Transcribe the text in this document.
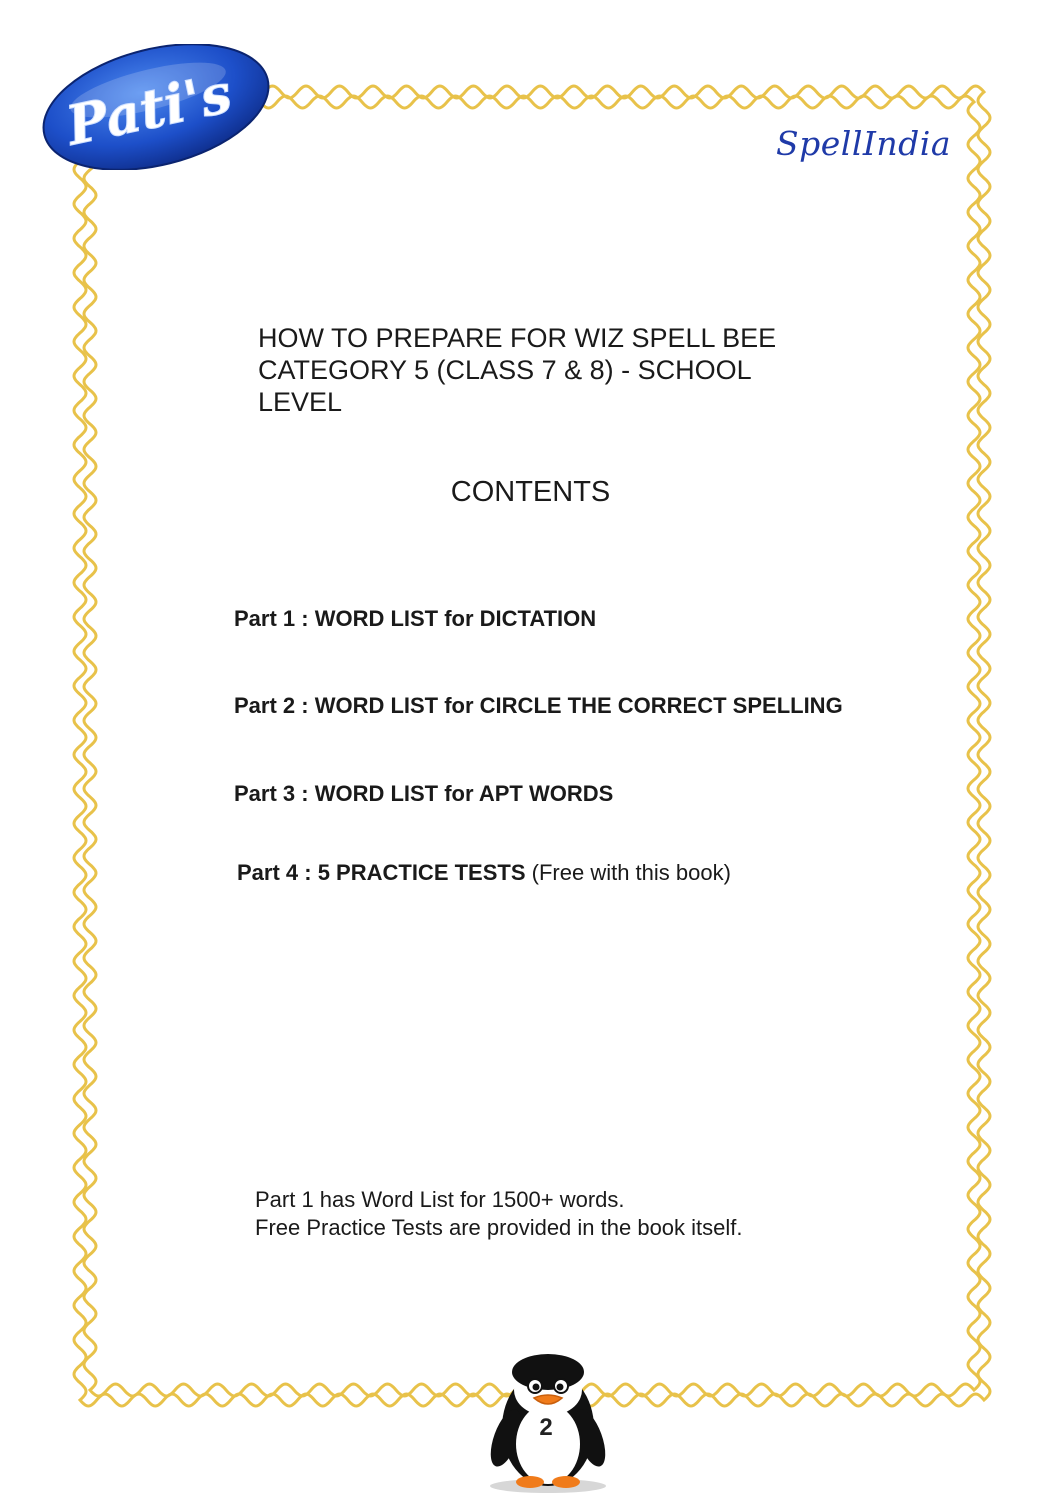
Pati's	SpellIndia
HOW TO PREPARE FOR WIZ SPELL BEE
CATEGORY 5 (CLASS 7 & 8) - SCHOOL
LEVEL
CONTENTS
Part 1 : WORD LIST for DICTATION
Part 2 : WORD LIST for CIRCLE THE CORRECT SPELLING
Part 3 : WORD LIST for APT WORDS
Part 4 : 5 PRACTICE TESTS (Free with this book)
Part 1 has Word List for 1500+ words.
Free Practice Tests are provided in the book itself.
2
